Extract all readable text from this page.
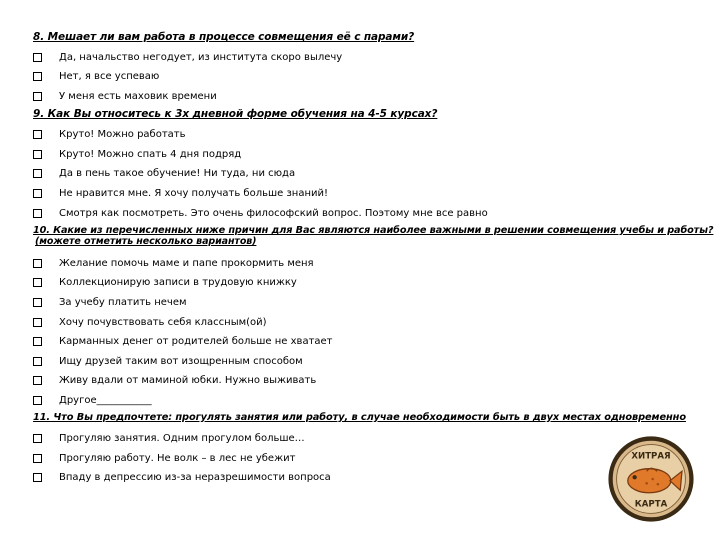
8. Мешает ли вам работа в процессе совмещения её с парами?
Да, начальство негодует, из института скоро вылечу
Нет, я все успеваю
У меня есть маховик времени
9. Как Вы относитесь к 3х дневной форме обучения на 4-5 курсах?
Круто! Можно работать
Круто! Можно спать 4 дня подряд
Да в пень такое обучение! Ни туда, ни сюда
Не нравится мне. Я хочу получать больше знаний!
Смотря как посмотреть. Это очень философский вопрос. Поэтому мне все равно
10. Какие из перечисленных ниже причин для Вас являются наиболее важными в решении совмещения учебы и работы?
(можете отметить несколько вариантов)
Желание помочь маме и папе прокормить меня
Коллекционирую записи в трудовую книжку
За учебу платить нечем
Хочу почувствовать себя классным(ой)
Карманных денег от родителей больше не хватает
Ищу друзей таким вот изощренным способом
Живу вдали от маминой юбки. Нужно выживать
Другое___________
11. Что Вы предпочтете: прогулять занятия или работу, в случае необходимости быть в двух местах одновременно
Прогуляю занятия. Одним прогулом больше…
Прогуляю работу. Не волк – в лес не убежит
Впаду в депрессию из-за неразрешимости вопроса
ХИТРАЯ
КАРТА
